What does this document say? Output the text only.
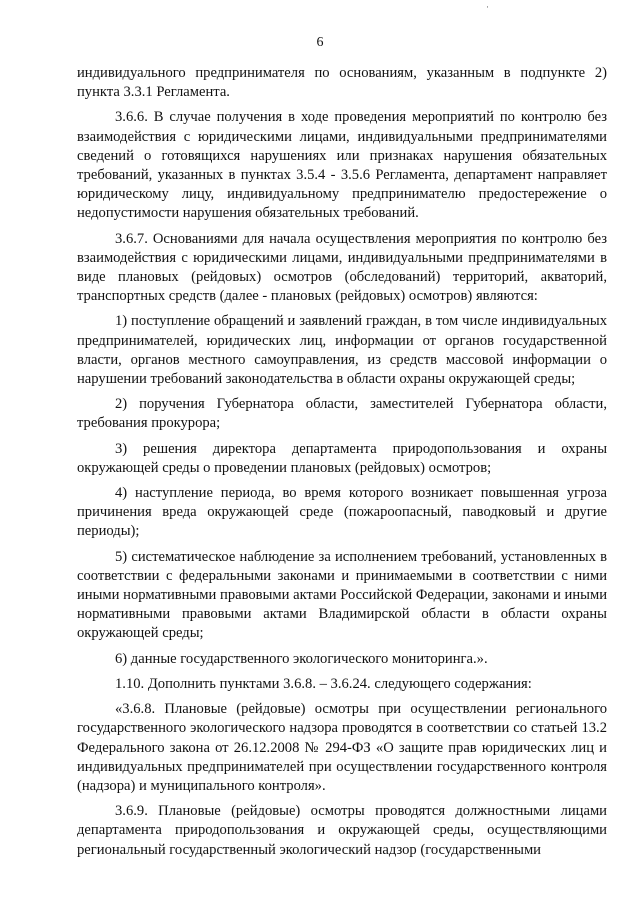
·
6

индивидуального предпринимателя по основаниям, указанным в подпункте 2) пункта 3.3.1 Регламента.

3.6.6. В случае получения в ходе проведения мероприятий по контролю без взаимодействия с юридическими лицами, индивидуальными предпринимателями сведений о готовящихся нарушениях или признаках нарушения обязательных требований, указанных в пунктах 3.5.4 - 3.5.6 Регламента, департамент направляет юридическому лицу, индивидуальному предпринимателю предостережение о недопустимости нарушения обязательных требований.

3.6.7. Основаниями для начала осуществления мероприятия по контролю без взаимодействия с юридическими лицами, индивидуальными предпринимателями в виде плановых (рейдовых) осмотров (обследований) территорий, акваторий, транспортных средств (далее - плановых (рейдовых) осмотров) являются:

1) поступление обращений и заявлений граждан, в том числе индивидуальных предпринимателей, юридических лиц, информации от органов государственной власти, органов местного самоуправления, из средств массовой информации о нарушении требований законодательства в области охраны окружающей среды;

2) поручения Губернатора области, заместителей Губернатора области, требования прокурора;

3) решения директора департамента природопользования и охраны окружающей среды о проведении плановых (рейдовых) осмотров;

4) наступление периода, во время которого возникает повышенная угроза причинения вреда окружающей среде (пожароопасный, паводковый и другие периоды);

5) систематическое наблюдение за исполнением требований, установленных в соответствии с федеральными законами и принимаемыми в соответствии с ними иными нормативными правовыми актами Российской Федерации, законами и иными нормативными правовыми актами Владимирской области в области охраны окружающей среды;

6) данные государственного экологического мониторинга.».

1.10. Дополнить пунктами 3.6.8. – 3.6.24. следующего содержания:

«3.6.8. Плановые (рейдовые) осмотры при осуществлении регионального государственного экологического надзора проводятся в соответствии со статьей 13.2 Федерального закона от 26.12.2008 № 294-ФЗ «О защите прав юридических лиц и индивидуальных предпринимателей при осуществлении государственного контроля (надзора) и муниципального контроля».

3.6.9. Плановые (рейдовые) осмотры проводятся должностными лицами департамента природопользования и окружающей среды, осуществляющими региональный государственный экологический надзор (государственными
